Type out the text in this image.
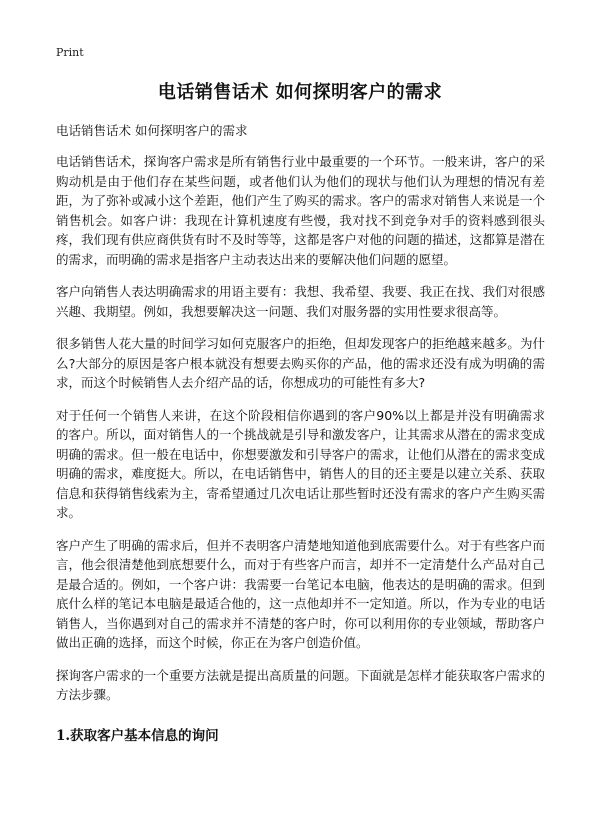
Print
电话销售话术 如何探明客户的需求
电话销售话术 如何探明客户的需求

电话销售话术，探询客户需求是所有销售行业中最重要的一个环节。一般来讲，客户的采购动机是由于他们存在某些问题，或者他们认为他们的现状与他们认为理想的情况有差距，为了弥补或减小这个差距，他们产生了购买的需求。客户的需求对销售人来说是一个销售机会。如客户讲：我现在计算机速度有些慢，我对找不到竞争对手的资料感到很头疼，我们现有供应商供货有时不及时等等，这都是客户对他的问题的描述，这都算是潜在的需求，而明确的需求是指客户主动表达出来的要解决他们问题的愿望。

客户向销售人表达明确需求的用语主要有：我想、我希望、我要、我正在找、我们对很感兴趣、我期望。例如，我想要解决这一问题、我们对服务器的实用性要求很高等。

很多销售人花大量的时间学习如何克服客户的拒绝，但却发现客户的拒绝越来越多。为什么?大部分的原因是客户根本就没有想要去购买你的产品，他的需求还没有成为明确的需求，而这个时候销售人去介绍产品的话，你想成功的可能性有多大?

对于任何一个销售人来讲，在这个阶段相信你遇到的客户90%以上都是并没有明确需求的客户。所以，面对销售人的一个挑战就是引导和激发客户，让其需求从潜在的需求变成明确的需求。但一般在电话中，你想要激发和引导客户的需求，让他们从潜在的需求变成明确的需求，难度挺大。所以，在电话销售中，销售人的目的还主要是以建立关系、获取信息和获得销售线索为主，寄希望通过几次电话让那些暂时还没有需求的客户产生购买需求。

客户产生了明确的需求后，但并不表明客户清楚地知道他到底需要什么。对于有些客户而言，他会很清楚他到底想要什么，而对于有些客户而言，却并不一定清楚什么产品对自己是最合适的。例如，一个客户讲：我需要一台笔记本电脑，他表达的是明确的需求。但到底什么样的笔记本电脑是最适合他的，这一点他却并不一定知道。所以，作为专业的电话销售人，当你遇到对自己的需求并不清楚的客户时，你可以利用你的专业领域，帮助客户做出正确的选择，而这个时候，你正在为客户创造价值。

探询客户需求的一个重要方法就是提出高质量的问题。下面就是怎样才能获取客户需求的方法步骤。

1.获取客户基本信息的询问
